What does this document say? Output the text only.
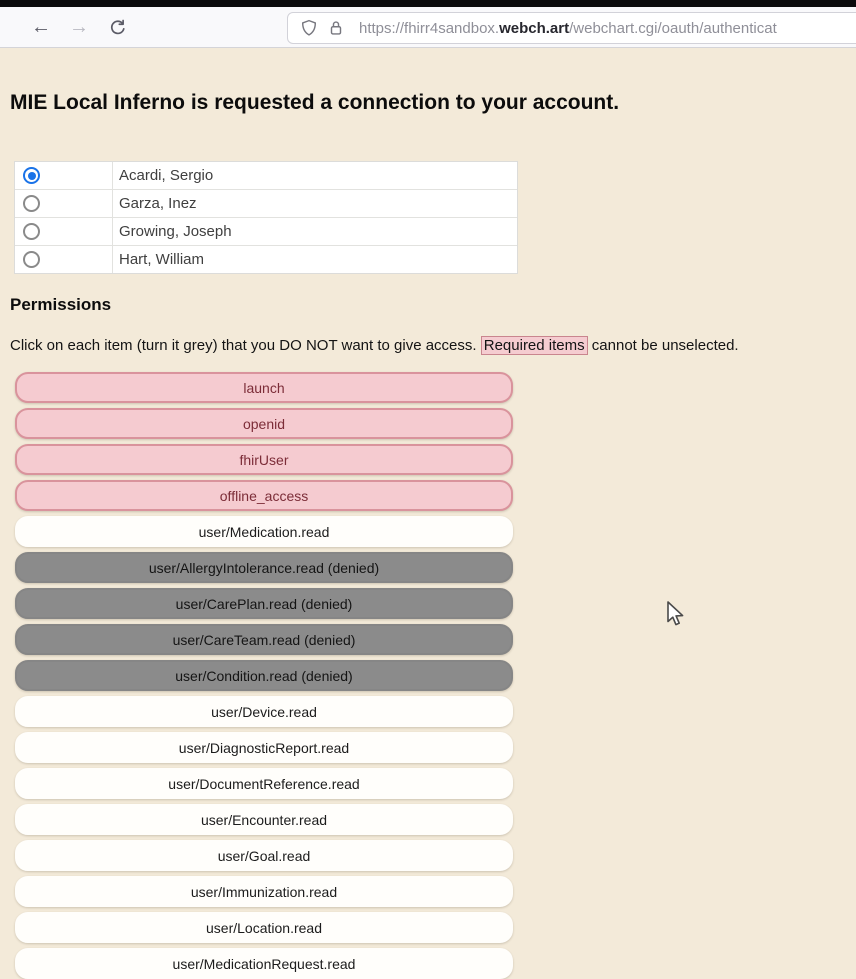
← →	https://fhirr4sandbox.webch.art/webchart.cgi/oauth/authenticat
MIE Local Inferno is requested a connection to your account.
Acardi, Sergio
Garza, Inez
Growing, Joseph
Hart, William
Permissions

Click on each item (turn it grey) that you DO NOT want to give access. Required items cannot be unselected.

launch
openid
fhirUser
offline_access
user/Medication.read
user/AllergyIntolerance.read (denied)
user/CarePlan.read (denied)
user/CareTeam.read (denied)
user/Condition.read (denied)
user/Device.read
user/DiagnosticReport.read
user/DocumentReference.read
user/Encounter.read
user/Goal.read
user/Immunization.read
user/Location.read
user/MedicationRequest.read
